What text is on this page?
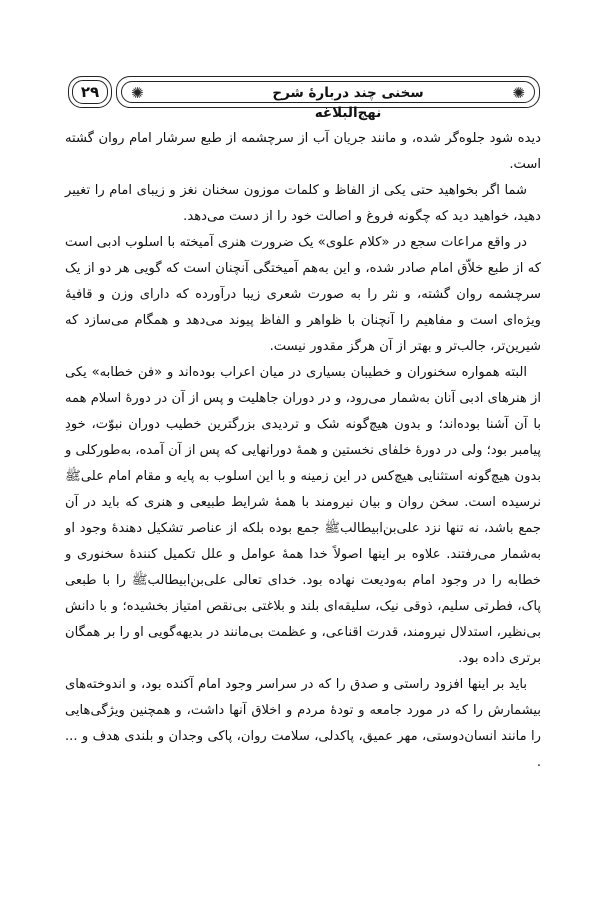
۲۹	✺
سخنی چند دربارهٔ شرح نهج‌البلاغه
✺

دیده شود جلوه‌گر شده، و مانند جریان آب از سرچشمه از طبع سرشار امام روان گشته است.

شما اگر بخواهید حتی یکی از الفاظ و کلمات موزون سخنان نغز و زیبای امام را تغییر دهید، خواهید دید که چگونه فروغ و اصالت خود را از دست می‌دهد.

در واقع مراعات سجع در «کلام علوی» یک ضرورت هنری آمیخته با اسلوب ادبی است که از طبع خلاّق امام صادر شده، و این به‌هم آمیختگی آنچنان است که گویی هر دو از یک سرچشمه روان گشته، و نثر را به صورت شعری زیبا درآورده که دارای وزن و قافیهٔ ویژه‌ای است و مفاهیم را آنچنان با ظواهر و الفاظ پیوند می‌دهد و همگام می‌سازد که شیرین‌تر، جالب‌تر و بهتر از آن هرگز مقدور نیست.

البته همواره سخنوران و خطیبان بسیاری در میان اعراب بوده‌اند و «فن خطابه» یکی از هنرهای ادبی آنان به‌شمار می‌رود، و در دوران جاهلیت و پس از آن در دورهٔ اسلام همه با آن آشنا بوده‌اند؛ و بدون هیچ‌گونه شک و تردیدی بزرگترین خطیب دوران نبوّت، خودِ پیامبر بود؛ ولی در دورهٔ خلفای نخستین و همهٔ دورانهایی که پس از آن آمده، به‌طورکلی و بدون هیچ‌گونه استثنایی هیچ‌کس در این زمینه و با این اسلوب به پایه و مقام امام علی‌ﷺ نرسیده است. سخن روان و بیان نیرومند با همهٔ شرایط طبیعی و هنری که باید در آن جمع باشد، نه تنها نزد علی‌بن‌ابیطالب‌ﷺ جمع بوده بلکه از عناصر تشکیل دهندهٔ وجود او به‌شمار می‌رفتند. علاوه بر اینها اصولاً خدا همهٔ عوامل و علل تکمیل کنندهٔ سخنوری و خطابه را در وجود امام به‌ودیعت نهاده بود. خدای تعالی علی‌بن‌ابیطالب‌ﷺ را با طبعی پاک، فطرتی سلیم، ذوقی نیک، سلیقه‌ای بلند و بلاغتی بی‌نقص امتیاز بخشیده؛ و با دانش بی‌نظیر، استدلال نیرومند، قدرت اقناعی، و عظمت بی‌مانند در بدیهه‌گویی او را بر همگان برتری داده بود.

باید بر اینها افزود راستی و صدق را که در سراسر وجود امام آکنده بود، و اندوخته‌های بیشمارش را که در مورد جامعه و تودهٔ مردم و اخلاق آنها داشت، و همچنین ویژگی‌هایی را مانند انسان‌دوستی، مهر عمیق، پاکدلی، سلامت روان، پاکی وجدان و بلندی هدف و ... .
